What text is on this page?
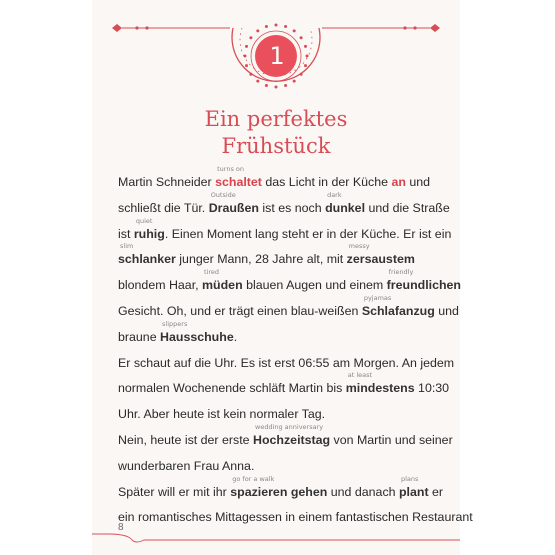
1
Ein perfektes
Frühstück
Martin Schneider
turns on
schaltet das Licht in der Küche an und
schließt die Tür.
Outside
Draußen ist es noch
dark
dunkel und die Straße
ist
quiet
ruhig. Einen Moment lang steht er in der Küche. Er ist ein
slim
schlanker junger Mann, 28 Jahre alt, mit
messy
zersaustem
blondem Haar,
tired
müden blauen Augen und einem
friendly
freundlichen
Gesicht. Oh, und er trägt einen blau-weißen
pyjamas
Schlafanzug und
braune
slippers
Hausschuhe.
Er schaut auf die Uhr. Es ist erst 06:55 am Morgen. An jedem
normalen Wochenende schläft Martin bis
at least
mindestens 10:30
Uhr. Aber heute ist kein normaler Tag.
Nein, heute ist der erste
wedding anniversary
Hochzeitstag von Martin und seiner
wunderbaren Frau Anna.
Später will er mit ihr
go for a walk
spazieren gehen und danach
plans
plant er
ein romantisches Mittagessen in einem fantastischen Restaurant
8
